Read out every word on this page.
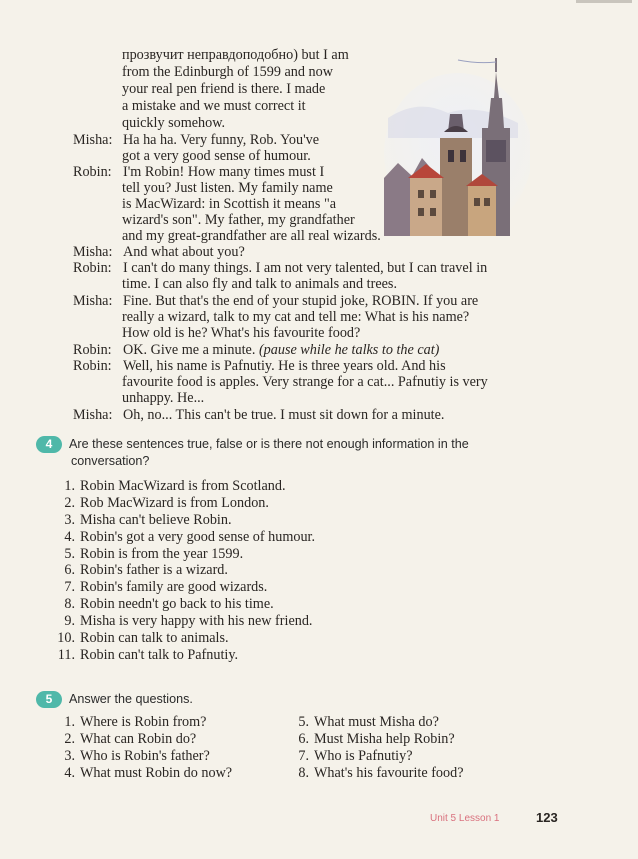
прозвучит неправдоподобно) but I am
from the Edinburgh of 1599 and now
your real pen friend is there. I made
a mistake and we must correct it
quickly somehow.
Misha: Ha ha ha. Very funny, Rob. You've
got a very good sense of humour.
Robin: I'm Robin! How many times must I
tell you? Just listen. My family name
is MacWizard: in Scottish it means "a
wizard's son". My father, my grandfather
and my great-grandfather are all real wizards.
Misha: And what about you?
Robin: I can't do many things. I am not very talented, but I can travel in
time. I can also fly and talk to animals and trees.
Misha: Fine. But that's the end of your stupid joke, ROBIN. If you are
really a wizard, talk to my cat and tell me: What is his name?
How old is he? What's his favourite food?
Robin: OK. Give me a minute. (pause while he talks to the cat)
Robin: Well, his name is Pafnutiy. He is three years old. And his
favourite food is apples. Very strange for a cat... Pafnutiy is very
unhappy. He...
Misha: Oh, no... This can't be true. I must sit down for a minute.
4 Are these sentences true, false or is there not enough information in the
conversation?
1. Robin MacWizard is from Scotland.
2. Rob MacWizard is from London.
3. Misha can't believe Robin.
4. Robin's got a very good sense of humour.
5. Robin is from the year 1599.
6. Robin's father is a wizard.
7. Robin's family are good wizards.
8. Robin needn't go back to his time.
9. Misha is very happy with his new friend.
10. Robin can talk to animals.
11. Robin can't talk to Pafnutiy.
5 Answer the questions.
1. Where is Robin from?
2. What can Robin do?
3. Who is Robin's father?
4. What must Robin do now?
5. What must Misha do?
6. Must Misha help Robin?
7. Who is Pafnutiy?
8. What's his favourite food?
Unit 5 Lesson 1	123
